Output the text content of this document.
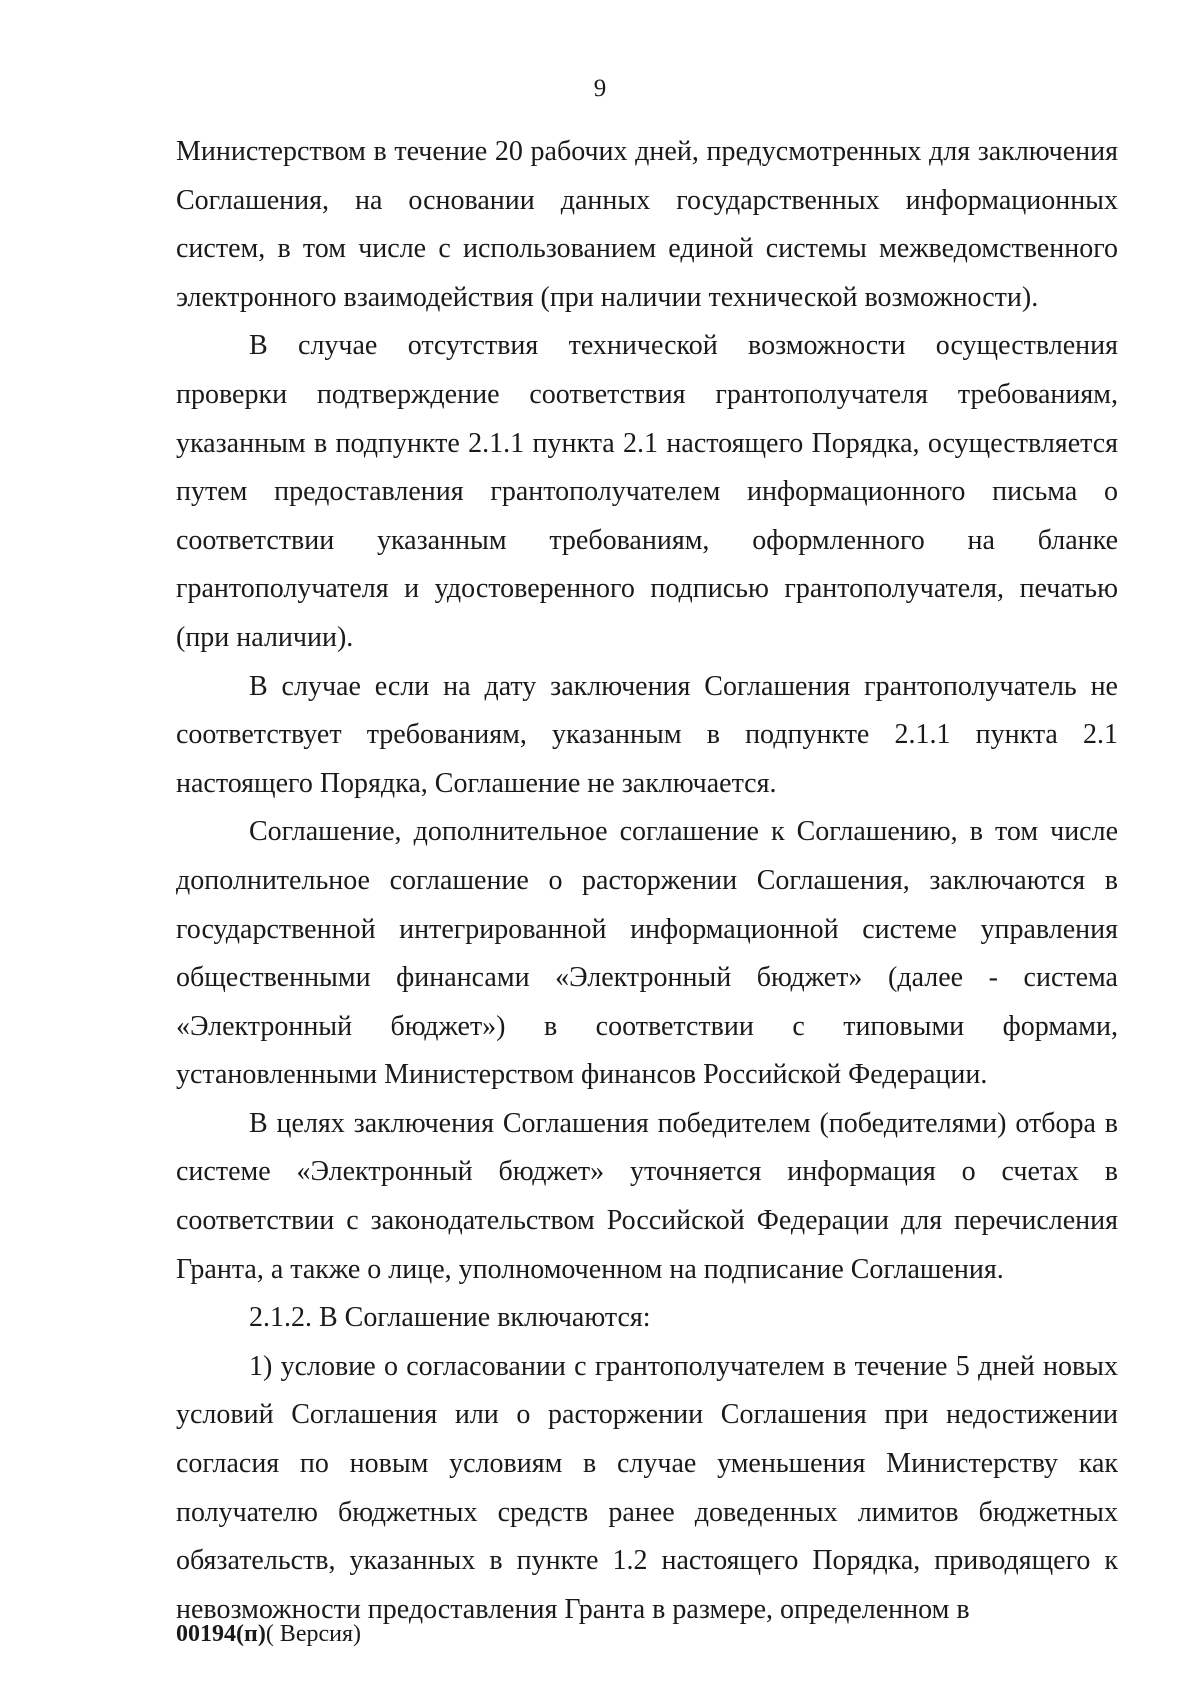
9

Министерством в течение 20 рабочих дней, предусмотренных для заключения Соглашения, на основании данных государственных информационных систем, в том числе с использованием единой системы межведомственного электронного взаимодействия (при наличии технической возможности).

В случае отсутствия технической возможности осуществления проверки подтверждение соответствия грантополучателя требованиям, указанным в подпункте 2.1.1 пункта 2.1 настоящего Порядка, осуществляется путем предоставления грантополучателем информационного письма о соответствии указанным требованиям, оформленного на бланке грантополучателя и удостоверенного подписью грантополучателя, печатью (при наличии).

В случае если на дату заключения Соглашения грантополучатель не соответствует требованиям, указанным в подпункте 2.1.1 пункта 2.1 настоящего Порядка, Соглашение не заключается.

Соглашение, дополнительное соглашение к Соглашению, в том числе дополнительное соглашение о расторжении Соглашения, заключаются в государственной интегрированной информационной системе управления общественными финансами «Электронный бюджет» (далее - система «Электронный бюджет») в соответствии с типовыми формами, установленными Министерством финансов Российской Федерации.

В целях заключения Соглашения победителем (победителями) отбора в системе «Электронный бюджет» уточняется информация о счетах в соответствии с законодательством Российской Федерации для перечисления Гранта, а также о лице, уполномоченном на подписание Соглашения.

2.1.2. В Соглашение включаются:

1) условие о согласовании с грантополучателем в течение 5 дней новых условий Соглашения или о расторжении Соглашения при недостижении согласия по новым условиям в случае уменьшения Министерству как получателю бюджетных средств ранее доведенных лимитов бюджетных обязательств, указанных в пункте 1.2 настоящего Порядка, приводящего к невозможности предоставления Гранта в размере, определенном в

00194(п)( Версия)
